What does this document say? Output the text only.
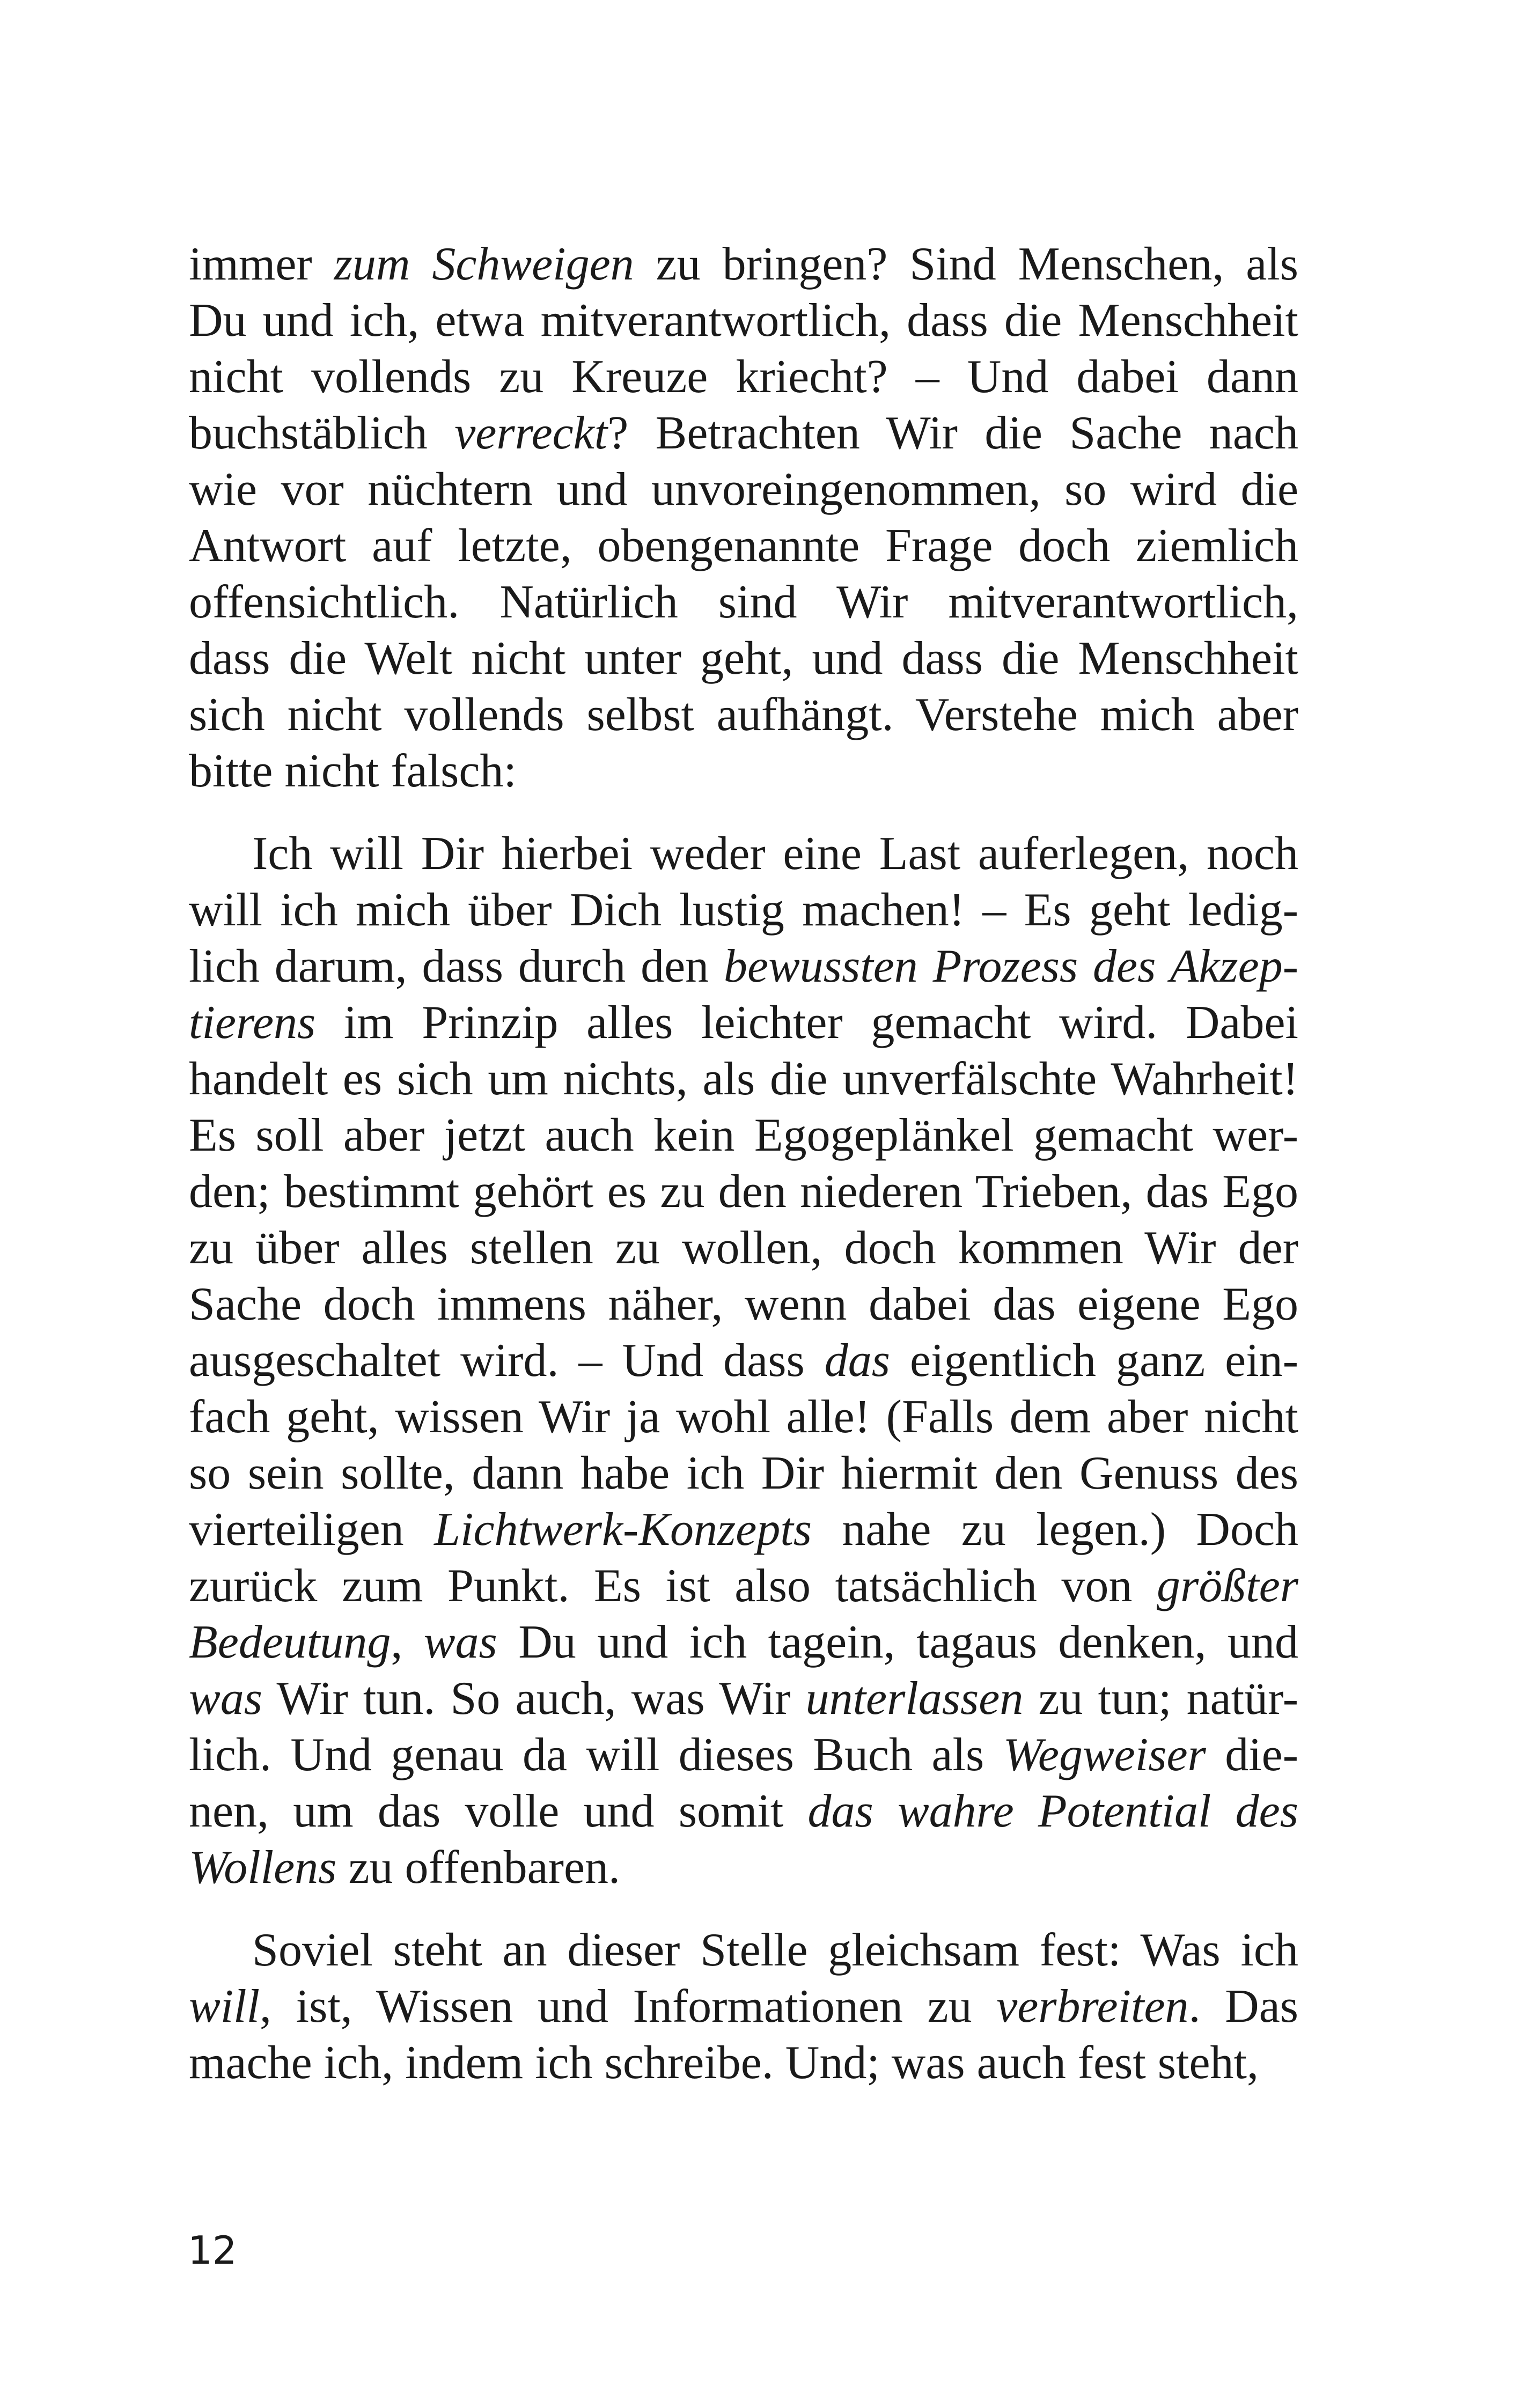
immer zum Schweigen zu bringen? Sind Menschen, als
Du und ich, etwa mitverantwortlich, dass die Menschheit
nicht vollends zu Kreuze kriecht? – Und dabei dann
buchstäblich verreckt? Betrachten Wir die Sache nach
wie vor nüchtern und unvoreingenommen, so wird die
Antwort auf letzte, obengenannte Frage doch ziemlich
offensichtlich. Natürlich sind Wir mitverantwortlich,
dass die Welt nicht unter geht, und dass die Menschheit
sich nicht vollends selbst aufhängt. Verstehe mich aber
bitte nicht falsch:
Ich will Dir hierbei weder eine Last auferlegen, noch
will ich mich über Dich lustig machen! – Es geht ledig-
lich darum, dass durch den bewussten Prozess des Akzep-
tierens im Prinzip alles leichter gemacht wird. Dabei
handelt es sich um nichts, als die unverfälschte Wahrheit!
Es soll aber jetzt auch kein Egogeplänkel gemacht wer-
den; bestimmt gehört es zu den niederen Trieben, das Ego
zu über alles stellen zu wollen, doch kommen Wir der
Sache doch immens näher, wenn dabei das eigene Ego
ausgeschaltet wird. – Und dass das eigentlich ganz ein-
fach geht, wissen Wir ja wohl alle! (Falls dem aber nicht
so sein sollte, dann habe ich Dir hiermit den Genuss des
vierteiligen Lichtwerk-Konzepts nahe zu legen.) Doch
zurück zum Punkt. Es ist also tatsächlich von größter
Bedeutung, was Du und ich tagein, tagaus denken, und
was Wir tun. So auch, was Wir unterlassen zu tun; natür-
lich. Und genau da will dieses Buch als Wegweiser die-
nen, um das volle und somit das wahre Potential des
Wollens zu offenbaren.
Soviel steht an dieser Stelle gleichsam fest: Was ich
will, ist, Wissen und Informationen zu verbreiten. Das
mache ich, indem ich schreibe. Und; was auch fest steht,
12
